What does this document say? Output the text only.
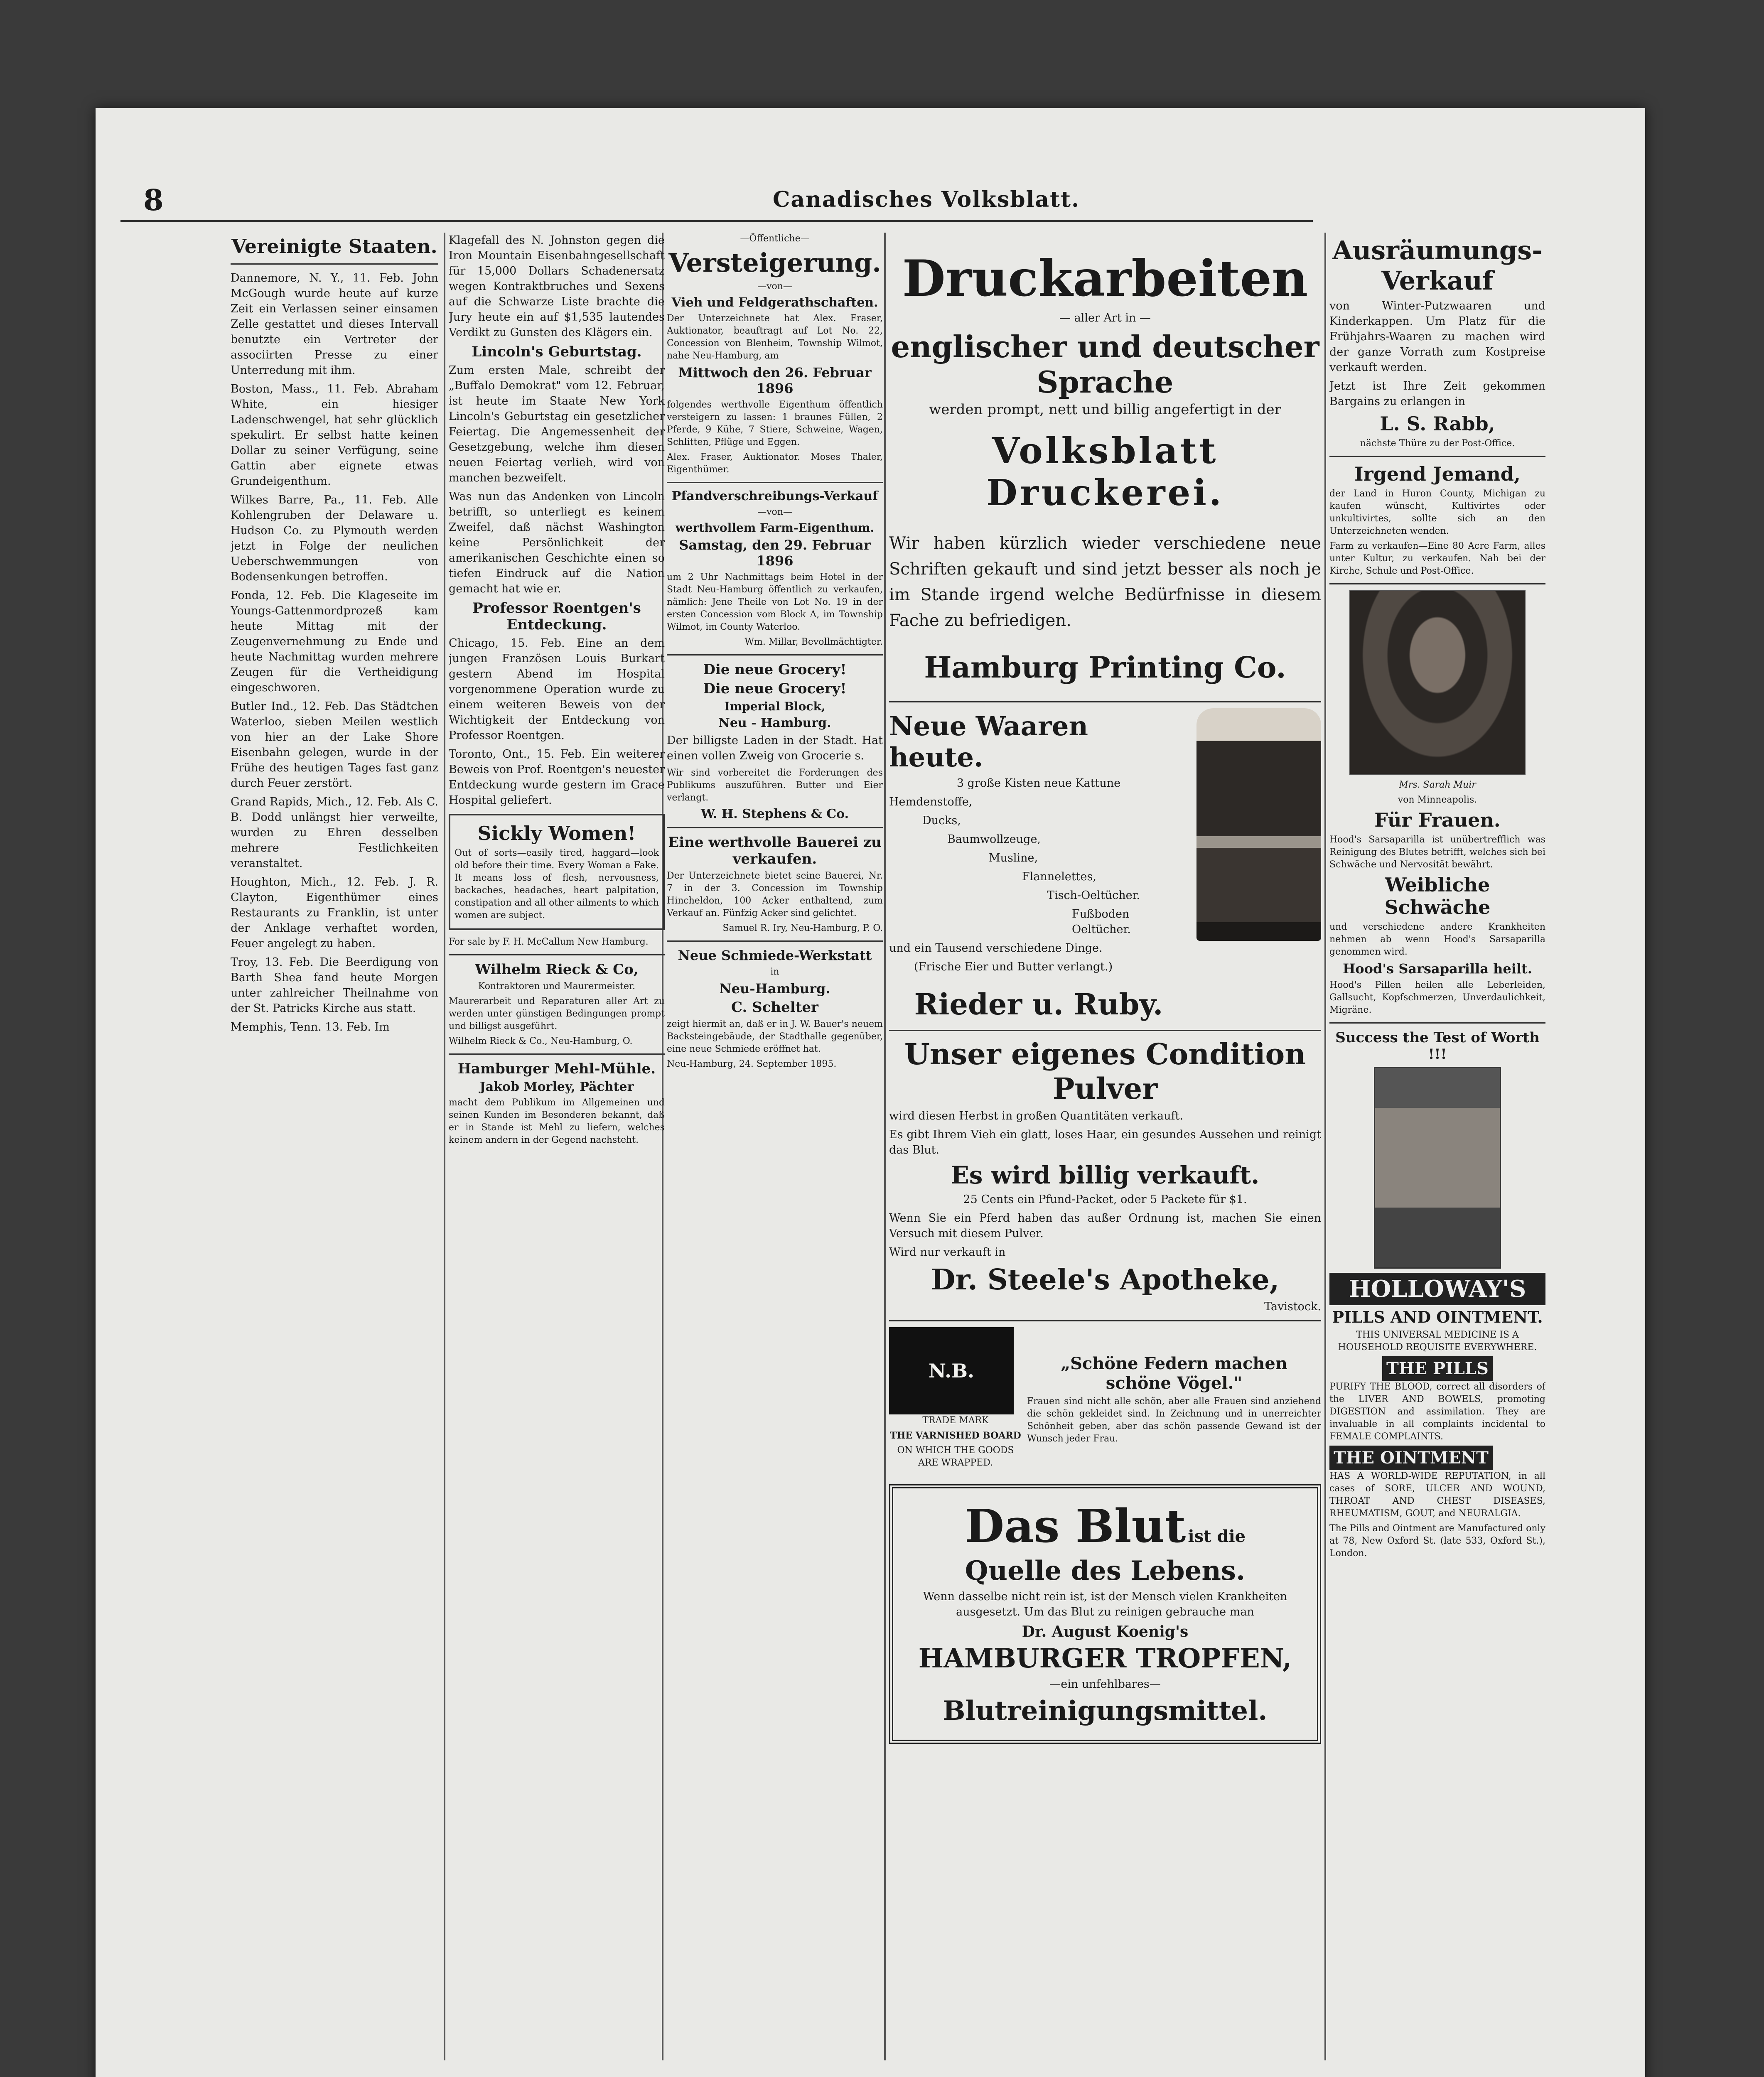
8	Canadisches Volksblatt.
Vereinigte Staaten.

Dannemore, N. Y., 11. Feb. John McGough wurde heute auf kurze Zeit ein Verlassen seiner einsamen Zelle gestattet und dieses Intervall benutzte ein Vertreter der associirten Presse zu einer Unterredung mit ihm.

Boston, Mass., 11. Feb. Abraham White, ein hiesiger Ladenschwengel, hat sehr glücklich spekulirt. Er selbst hatte keinen Dollar zu seiner Verfügung, seine Gattin aber eignete etwas Grundeigenthum.

Wilkes Barre, Pa., 11. Feb. Alle Kohlengruben der Delaware u. Hudson Co. zu Plymouth werden jetzt in Folge der neulichen Ueberschwemmungen von Bodensenkungen betroffen.

Fonda, 12. Feb. Die Klageseite im Youngs-Gattenmordprozeß kam heute Mittag mit der Zeugenvernehmung zu Ende und heute Nachmittag wurden mehrere Zeugen für die Vertheidigung eingeschworen.

Butler Ind., 12. Feb. Das Städtchen Waterloo, sieben Meilen westlich von hier an der Lake Shore Eisenbahn gelegen, wurde in der Frühe des heutigen Tages fast ganz durch Feuer zerstört.

Grand Rapids, Mich., 12. Feb. Als C. B. Dodd unlängst hier verweilte, wurden zu Ehren desselben mehrere Festlichkeiten veranstaltet.

Houghton, Mich., 12. Feb. J. R. Clayton, Eigenthümer eines Restaurants zu Franklin, ist unter der Anklage verhaftet worden, Feuer angelegt zu haben.

Troy, 13. Feb. Die Beerdigung von Barth Shea fand heute Morgen unter zahlreicher Theilnahme von der St. Patricks Kirche aus statt.

Memphis, Tenn. 13. Feb. Im

Klagefall des N. Johnston gegen die Iron Mountain Eisenbahngesellschaft für 15,000 Dollars Schadenersatz wegen Kontraktbruches und Sexens auf die Schwarze Liste brachte die Jury heute ein auf $1,535 lautendes Verdikt zu Gunsten des Klägers ein.

Lincoln's Geburtstag.

Zum ersten Male, schreibt der „Buffalo Demokrat" vom 12. Februar, ist heute im Staate New York Lincoln's Geburtstag ein gesetzlicher Feiertag. Die Angemessenheit der Gesetzgebung, welche ihm diesen neuen Feiertag verlieh, wird von manchen bezweifelt.

Was nun das Andenken von Lincoln betrifft, so unterliegt es keinem Zweifel, daß nächst Washington keine Persönlichkeit der amerikanischen Geschichte einen so tiefen Eindruck auf die Nation gemacht hat wie er.

Professor Roentgen's Entdeckung.

Chicago, 15. Feb. Eine an dem jungen Französen Louis Burkart gestern Abend im Hospital vorgenommene Operation wurde zu einem weiteren Beweis von der Wichtigkeit der Entdeckung von Professor Roentgen.

Toronto, Ont., 15. Feb. Ein weiterer Beweis von Prof. Roentgen's neuester Entdeckung wurde gestern im Grace Hospital geliefert.

Sickly Women!

Out of sorts—easily tired, haggard—look old before their time. Every Woman a Fake. It means loss of flesh, nervousness, backaches, headaches, heart palpitation, constipation and all other ailments to which women are subject.

For sale by F. H. McCallum New Hamburg.

Wilhelm Rieck & Co,
Kontraktoren und Maurermeister.

Maurerarbeit und Reparaturen aller Art zu werden unter günstigen Bedingungen prompt und billigst ausgeführt.

Wilhelm Rieck & Co., Neu-Hamburg, O.

Hamburger Mehl-Mühle.
Jakob Morley, Pächter

macht dem Publikum im Allgemeinen und seinen Kunden im Besonderen bekannt, daß er in Stande ist Mehl zu liefern, welches keinem andern in der Gegend nachsteht.

—Öffentliche—
Versteigerung.
—von—
Vieh und Feldgerathschaften.

Der Unterzeichnete hat Alex. Fraser, Auktionator, beauftragt auf Lot No. 22, Concession von Blenheim, Township Wilmot, nahe Neu-Hamburg, am

Mittwoch den 26. Februar 1896

folgendes werthvolle Eigenthum öffentlich versteigern zu lassen: 1 braunes Füllen, 2 Pferde, 9 Kühe, 7 Stiere, Schweine, Wagen, Schlitten, Pflüge und Eggen.

Alex. Fraser, Auktionator. Moses Thaler, Eigenthümer.

Pfandverschreibungs-Verkauf
—von—
werthvollem Farm-Eigenthum.
Samstag, den 29. Februar 1896

um 2 Uhr Nachmittags beim Hotel in der Stadt Neu-Hamburg öffentlich zu verkaufen, nämlich: Jene Theile von Lot No. 19 in der ersten Concession vom Block A, im Township Wilmot, im County Waterloo.

Wm. Millar, Bevollmächtigter.

Die neue Grocery!
Die neue Grocery!
Imperial Block,
Neu - Hamburg.

Der billigste Laden in der Stadt. Hat einen vollen Zweig von Grocerie s.

Wir sind vorbereitet die Forderungen des Publikums auszuführen. Butter und Eier verlangt.

W. H. Stephens & Co.
Eine werthvolle Bauerei zu verkaufen.

Der Unterzeichnete bietet seine Bauerei, Nr. 7 in der 3. Concession im Township Hincheldon, 100 Acker enthaltend, zum Verkauf an. Fünfzig Acker sind gelichtet.

Samuel R. Iry, Neu-Hamburg, P. O.

Neue Schmiede-Werkstatt
in
Neu-Hamburg.
C. Schelter

zeigt hiermit an, daß er in J. W. Bauer's neuem Backsteingebäude, der Stadthalle gegenüber, eine neue Schmiede eröffnet hat.

Neu-Hamburg, 24. September 1895.

Druckarbeiten
— aller Art in —
englischer und deutscher Sprache
werden prompt, nett und billig angefertigt in der
Volksblatt Druckerei.

Wir haben kürzlich wieder verschiedene neue Schriften gekauft und sind jetzt besser als noch je im Stande irgend welche Bedürfnisse in diesem Fache zu befriedigen.

Hamburg Printing Co.
Neue Waaren heute.
3 große Kisten neue Kattune
Hemdenstoffe,
Ducks,
Baumwollzeuge,
Musline,
Flannelettes,
Tisch-Oeltücher.
Fußboden Oeltücher.
und ein Tausend verschiedene Dinge.
(Frische Eier und Butter verlangt.)
Rieder u. Ruby.
Unser eigenes Condition Pulver
wird diesen Herbst in großen Quantitäten verkauft.
Es gibt Ihrem Vieh ein glatt, loses Haar, ein gesundes Aussehen und reinigt das Blut.
Es wird billig verkauft.
25 Cents ein Pfund-Packet, oder 5 Packete für $1.
Wenn Sie ein Pferd haben das außer Ordnung ist, machen Sie einen Versuch mit diesem Pulver.
Wird nur verkauft in
Dr. Steele's Apotheke,
Tavistock.
N.B.
TRADE MARK
THE VARNISHED BOARD
ON WHICH THE GOODS ARE WRAPPED.
„Schöne Federn machen schöne Vögel."

Frauen sind nicht alle schön, aber alle Frauen sind anziehend die schön gekleidet sind. In Zeichnung und in unerreichter Schönheit geben, aber das schön passende Gewand ist der Wunsch jeder Frau.

Das Blut ist die
Quelle des Lebens.

Wenn dasselbe nicht rein ist, ist der Mensch vielen Krankheiten ausgesetzt. Um das Blut zu reinigen gebrauche man

Dr. August Koenig's
HAMBURGER TROPFEN,
—ein unfehlbares—
Blutreinigungsmittel.
Ausräumungs-Verkauf

von Winter-Putzwaaren und Kinderkappen. Um Platz für die Frühjahrs-Waaren zu machen wird der ganze Vorrath zum Kostpreise verkauft werden.

Jetzt ist Ihre Zeit gekommen Bargains zu erlangen in

L. S. Rabb,
nächste Thüre zu der Post-Office.
Irgend Jemand,

der Land in Huron County, Michigan zu kaufen wünscht, Kultivirtes oder unkultivirtes, sollte sich an den Unterzeichneten wenden.

Farm zu verkaufen—Eine 80 Acre Farm, alles unter Kultur, zu verkaufen. Nah bei der Kirche, Schule und Post-Office.

Mrs. Sarah Muir
von Minneapolis.
Für Frauen.

Hood's Sarsaparilla ist unübertrefflich was Reinigung des Blutes betrifft, welches sich bei Schwäche und Nervosität bewährt.

Weibliche Schwäche

und verschiedene andere Krankheiten nehmen ab wenn Hood's Sarsaparilla genommen wird.

Hood's Sarsaparilla heilt.

Hood's Pillen heilen alle Leberleiden, Gallsucht, Kopfschmerzen, Unverdaulichkeit, Migräne.

Success the Test of Worth !!!
HOLLOWAY'S
PILLS AND OINTMENT.

THIS UNIVERSAL MEDICINE IS A HOUSEHOLD REQUISITE EVERYWHERE.

THE PILLS

PURIFY THE BLOOD, correct all disorders of the LIVER AND BOWELS, promoting DIGESTION and assimilation. They are invaluable in all complaints incidental to FEMALE COMPLAINTS.

THE OINTMENT

HAS A WORLD-WIDE REPUTATION, in all cases of SORE, ULCER AND WOUND, THROAT AND CHEST DISEASES, RHEUMATISM, GOUT, and NEURALGIA.

The Pills and Ointment are Manufactured only at 78, New Oxford St. (late 533, Oxford St.), London.
